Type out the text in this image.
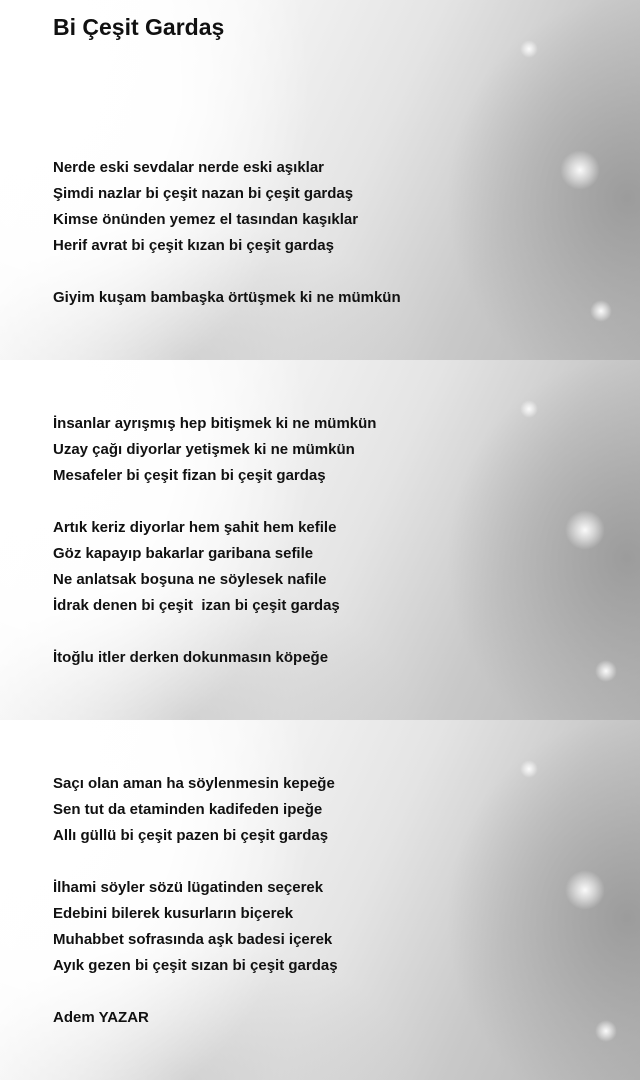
Bi Çeşit Gardaş
Nerde eski sevdalar nerde eski aşıklar
Şimdi nazlar bi çeşit nazan bi çeşit gardaş
Kimse önünden yemez el tasından kaşıklar
Herif avrat bi çeşit kızan bi çeşit gardaş
Giyim kuşam bambaşka örtüşmek ki ne mümkün
İnsanlar ayrışmış hep bitişmek ki ne mümkün
Uzay çağı diyorlar yetişmek ki ne mümkün
Mesafeler bi çeşit fizan bi çeşit gardaş
Artık keriz diyorlar hem şahit hem kefile
Göz kapayıp bakarlar garibana sefile
Ne anlatsak boşuna ne söylesek nafile
İdrak denen bi çeşit  izan bi çeşit gardaş
İtoğlu itler derken dokunmasın köpeğe
Saçı olan aman ha söylenmesin kepeğe
Sen tut da etaminden kadifeden ipeğe
Allı güllü bi çeşit pazen bi çeşit gardaş
İlhami söyler sözü lügatinden seçerek
Edebini bilerek kusurların biçerek
Muhabbet sofrasında aşk badesi içerek
Ayık gezen bi çeşit sızan bi çeşit gardaş
Adem YAZAR
